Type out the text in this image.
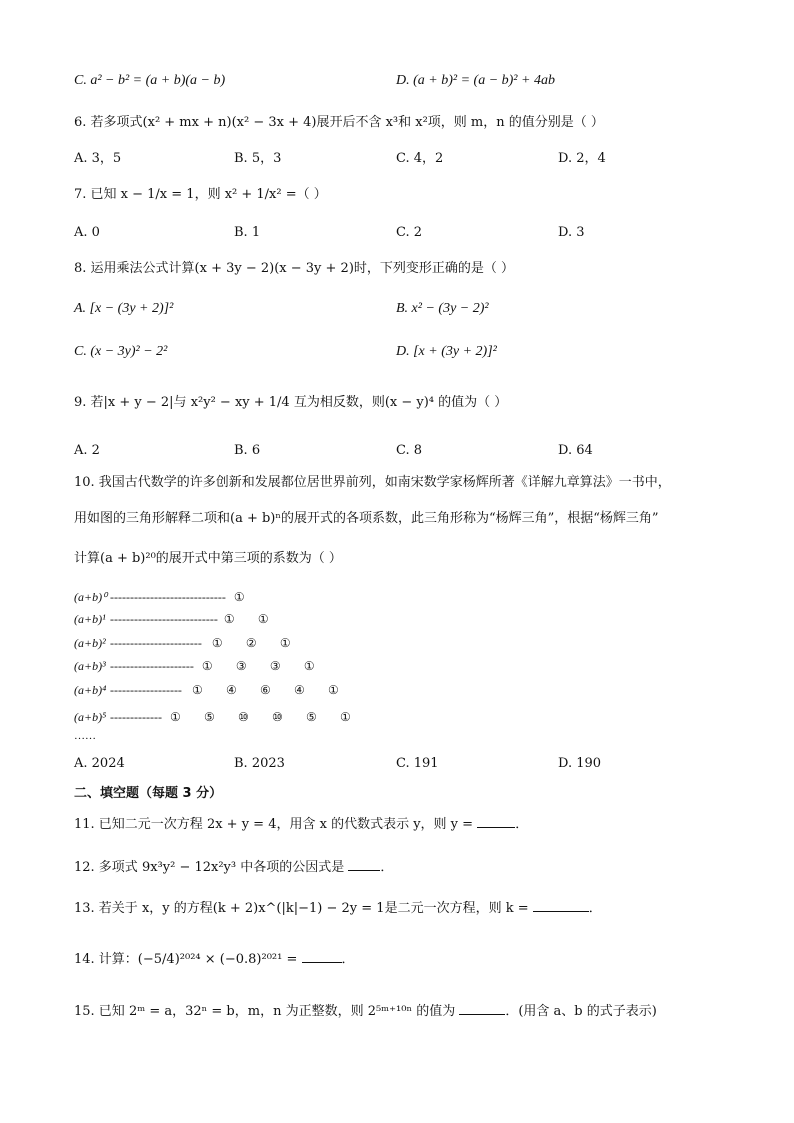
C. a² − b² = (a + b)(a − b)	D. (a + b)² = (a − b)² + 4ab
6. 若多项式(x² + mx + n)(x² − 3x + 4)展开后不含 x³和 x²项，则 m，n 的值分别是（ ）
A. 3，5	B. 5，3	C. 4，2	D. 2，4
7. 已知 x − 1/x = 1，则 x² + 1/x² =（ ）
A. 0	B. 1	C. 2	D. 3
8. 运用乘法公式计算(x + 3y − 2)(x − 3y + 2)时，下列变形正确的是（ ）
A. [x − (3y + 2)]²	B. x² − (3y − 2)²
C. (x − 3y)² − 2²	D. [x + (3y + 2)]²
9. 若|x + y − 2|与 x²y² − xy + 1/4 互为相反数，则(x − y)⁴ 的值为（ ）
A. 2	B. 6	C. 8	D. 64
10. 我国古代数学的许多创新和发展都位居世界前列，如南宋数学家杨辉所著《详解九章算法》一书中，
用如图的三角形解释二项和(a + b)ⁿ的展开式的各项系数，此三角形称为“杨辉三角”，根据“杨辉三角”
计算(a + b)²⁰的展开式中第三项的系数为（ ）
(a+b)⁰ ----------------------------- ①
(a+b)¹ --------------------------- ① ①
(a+b)² ----------------------- ① ② ①
(a+b)³ --------------------- ① ③ ③ ①
(a+b)⁴ ------------------ ① ④ ⑥ ④ ①
(a+b)⁵ ------------- ① ⑤ ⑩ ⑩ ⑤ ①
……
A. 2024	B. 2023	C. 191	D. 190
二、填空题（每题 3 分）
11. 已知二元一次方程 2x + y = 4，用含 x 的代数式表示 y，则 y =	．
12. 多项式 9x³y² − 12x²y³ 中各项的公因式是	．
13. 若关于 x，y 的方程(k + 2)x^(|k|−1) − 2y = 1是二元一次方程，则 k =	．
14. 计算：(−5/4)²⁰²⁴ × (−0.8)²⁰²¹ =	．
15. 已知 2ᵐ = a，32ⁿ = b，m，n 为正整数，则 2⁵ᵐ⁺¹⁰ⁿ 的值为	．(用含 a、b 的式子表示)
